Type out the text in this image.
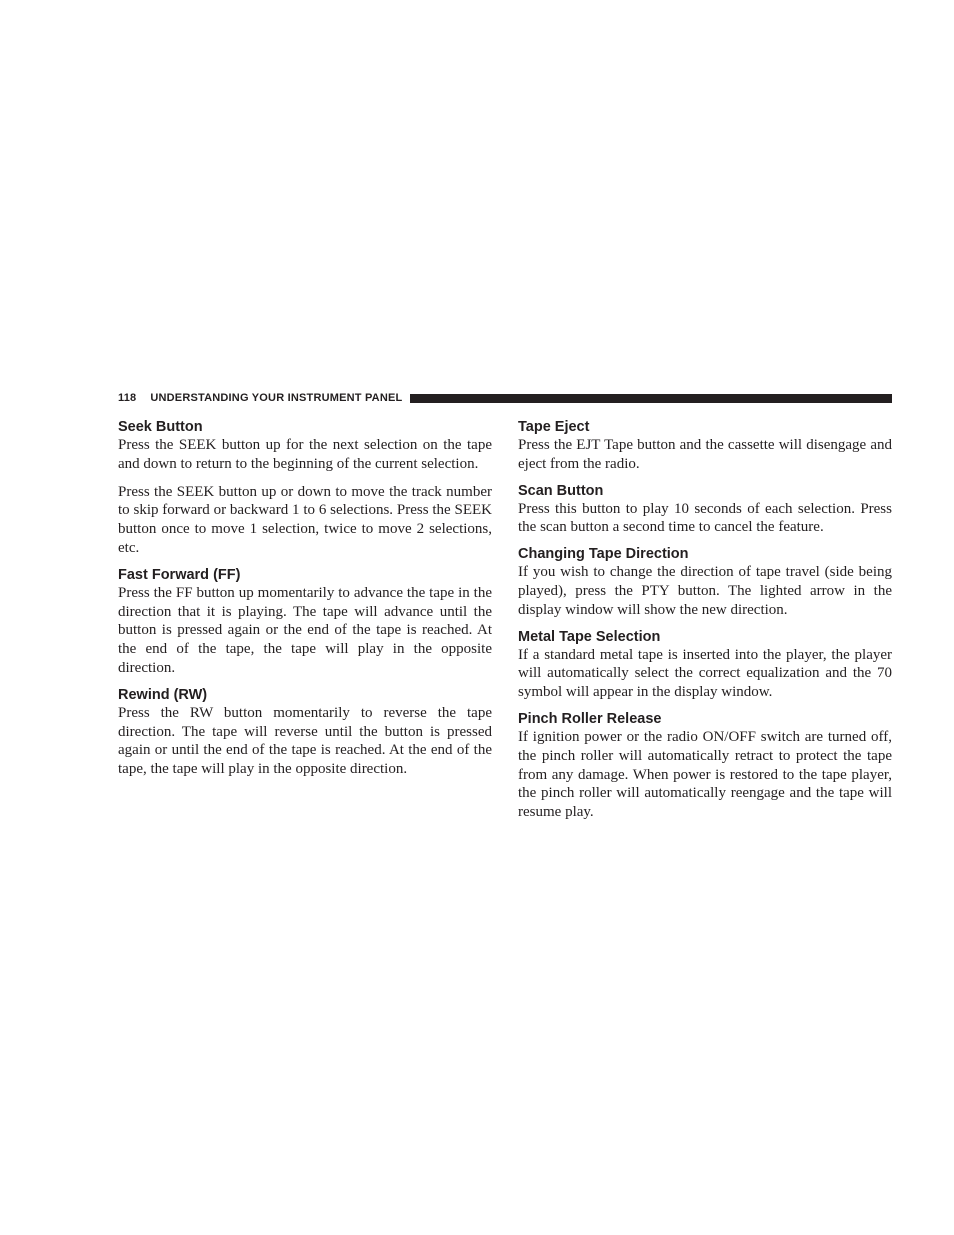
118 UNDERSTANDING YOUR INSTRUMENT PANEL
Seek Button

Press the SEEK button up for the next selection on the tape and down to return to the beginning of the current selection.

Press the SEEK button up or down to move the track number to skip forward or backward 1 to 6 selections. Press the SEEK button once to move 1 selection, twice to move 2 selections, etc.

Fast Forward (FF)

Press the FF button up momentarily to advance the tape in the direction that it is playing. The tape will advance until the button is pressed again or the end of the tape is reached. At the end of the tape, the tape will play in the opposite direction.

Rewind (RW)

Press the RW button momentarily to reverse the tape direction. The tape will reverse until the button is pressed again or until the end of the tape is reached. At the end of the tape, the tape will play in the opposite direction.

Tape Eject

Press the EJT Tape button and the cassette will disengage and eject from the radio.

Scan Button

Press this button to play 10 seconds of each selection. Press the scan button a second time to cancel the feature.

Changing Tape Direction

If you wish to change the direction of tape travel (side being played), press the PTY button. The lighted arrow in the display window will show the new direction.

Metal Tape Selection

If a standard metal tape is inserted into the player, the player will automatically select the correct equalization and the 70 symbol will appear in the display window.

Pinch Roller Release

If ignition power or the radio ON/OFF switch are turned off, the pinch roller will automatically retract to protect the tape from any damage. When power is restored to the tape player, the pinch roller will automatically reengage and the tape will resume play.
